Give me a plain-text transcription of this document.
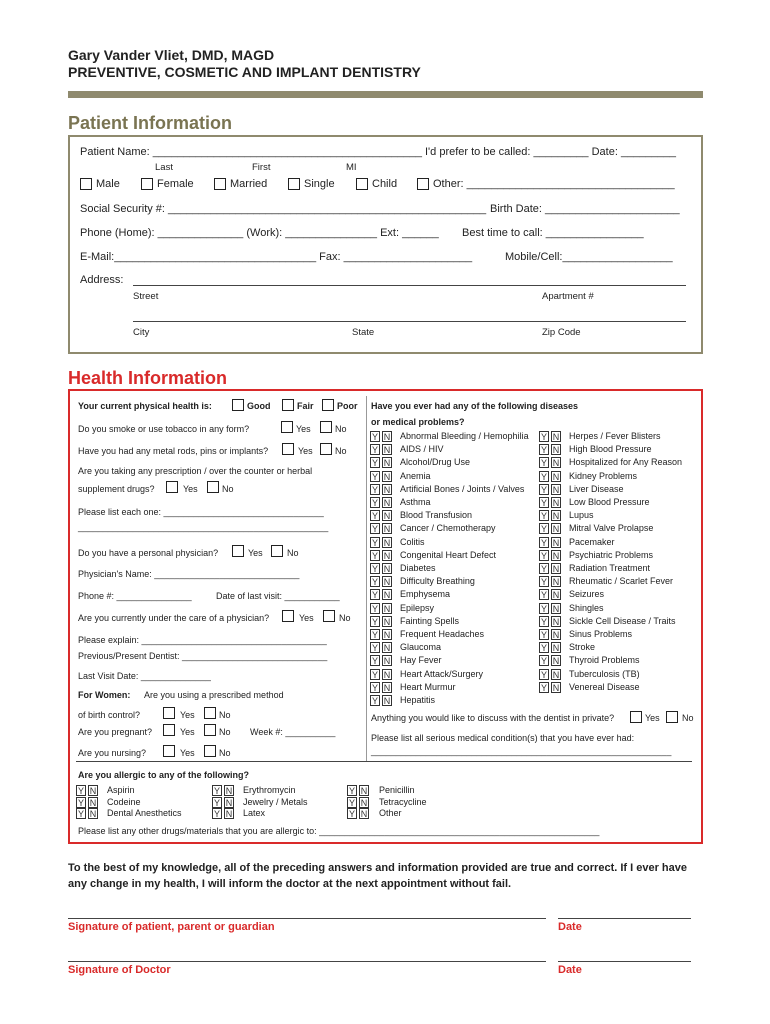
Gary Vander Vliet, DMD, MAGD
PREVENTIVE, COSMETIC AND IMPLANT DENTISTRY
Patient Information
Patient Name: ____________________________________________ I'd prefer to be called: _________ Date: _________
Last	First	MI
Male	Female	Married	Single	Child	Other: __________________________________
Social Security #: ____________________________________________________ Birth Date: ______________________
Phone (Home): ______________ (Work): _______________ Ext: ______ Best time to call: ________________
E-Mail:_________________________________ Fax: _____________________	Mobile/Cell:__________________
Address:
Street	Apartment #
City	State	Zip Code
Health Information
Your current physical health is:	Good	Fair	Poor
Do you smoke or use tobacco in any form?	Yes	No
Have you had any metal rods, pins or implants?	Yes No
Are you taking any prescription / over the counter or herbal
supplement drugs?	Yes	No
Please list each one: ________________________________
__________________________________________________
Do you have a personal physician?	Yes	No
Physician's Name: _____________________________
Phone #: _______________	Date of last visit: ___________
Are you currently under the care of a physician?	Yes	No
Please explain: _____________________________________
Previous/Present Dentist: _____________________________
Last Visit Date: ______________
For Women: Are you using a prescribed method
of birth control?	Yes	No
Are you pregnant?	Yes	No Week #: __________
Are you nursing?	Yes	No
Have you ever had any of the following diseases
or medical problems?
Y N Abnormal Bleeding / Hemophilia
Y N AIDS / HIV
Y N Alcohol/Drug Use
Y N Anemia
Y N Artificial Bones / Joints / Valves
Y N Asthma
Y N Blood Transfusion
Y N Cancer / Chemotherapy
Y N Colitis
Y N Congenital Heart Defect
Y N Diabetes
Y N Difficulty Breathing
Y N Emphysema
Y N Epilepsy
Y N Fainting Spells
Y N Frequent Headaches
Y N Glaucoma
Y N Hay Fever
Y N Heart Attack/Surgery
Y N Heart Murmur
Y N Hepatitis
Y N Herpes / Fever Blisters
Y N High Blood Pressure
Y N Hospitalized for Any Reason
Y N Kidney Problems
Y N Liver Disease
Y N Low Blood Pressure
Y N Lupus
Y N Mitral Valve Prolapse
Y N Pacemaker
Y N Psychiatric Problems
Y N Radiation Treatment
Y N Rheumatic / Scarlet Fever
Y N Seizures
Y N Shingles
Y N Sickle Cell Disease / Traits
Y N Sinus Problems
Y N Stroke
Y N Thyroid Problems
Y N Tuberculosis (TB)
Y N Venereal Disease
Anything you would like to discuss with the dentist in private?	Yes No
Please list all serious medical condition(s) that you have ever had:
____________________________________________________________
Are you allergic to any of the following?
Y N Aspirin
Y N Codeine
Y N Dental Anesthetics
Y N Erythromycin
Y N Jewelry / Metals
Y N Latex
Y N Penicillin
Y N Tetracycline
Y N Other
Please list any other drugs/materials that you are allergic to: ________________________________________________________
To the best of my knowledge, all of the preceding answers and information provided are true and correct. If I ever have any change in my health, I will inform the doctor at the next appointment without fail.
Signature of patient, parent or guardian	Date
Signature of Doctor	Date
